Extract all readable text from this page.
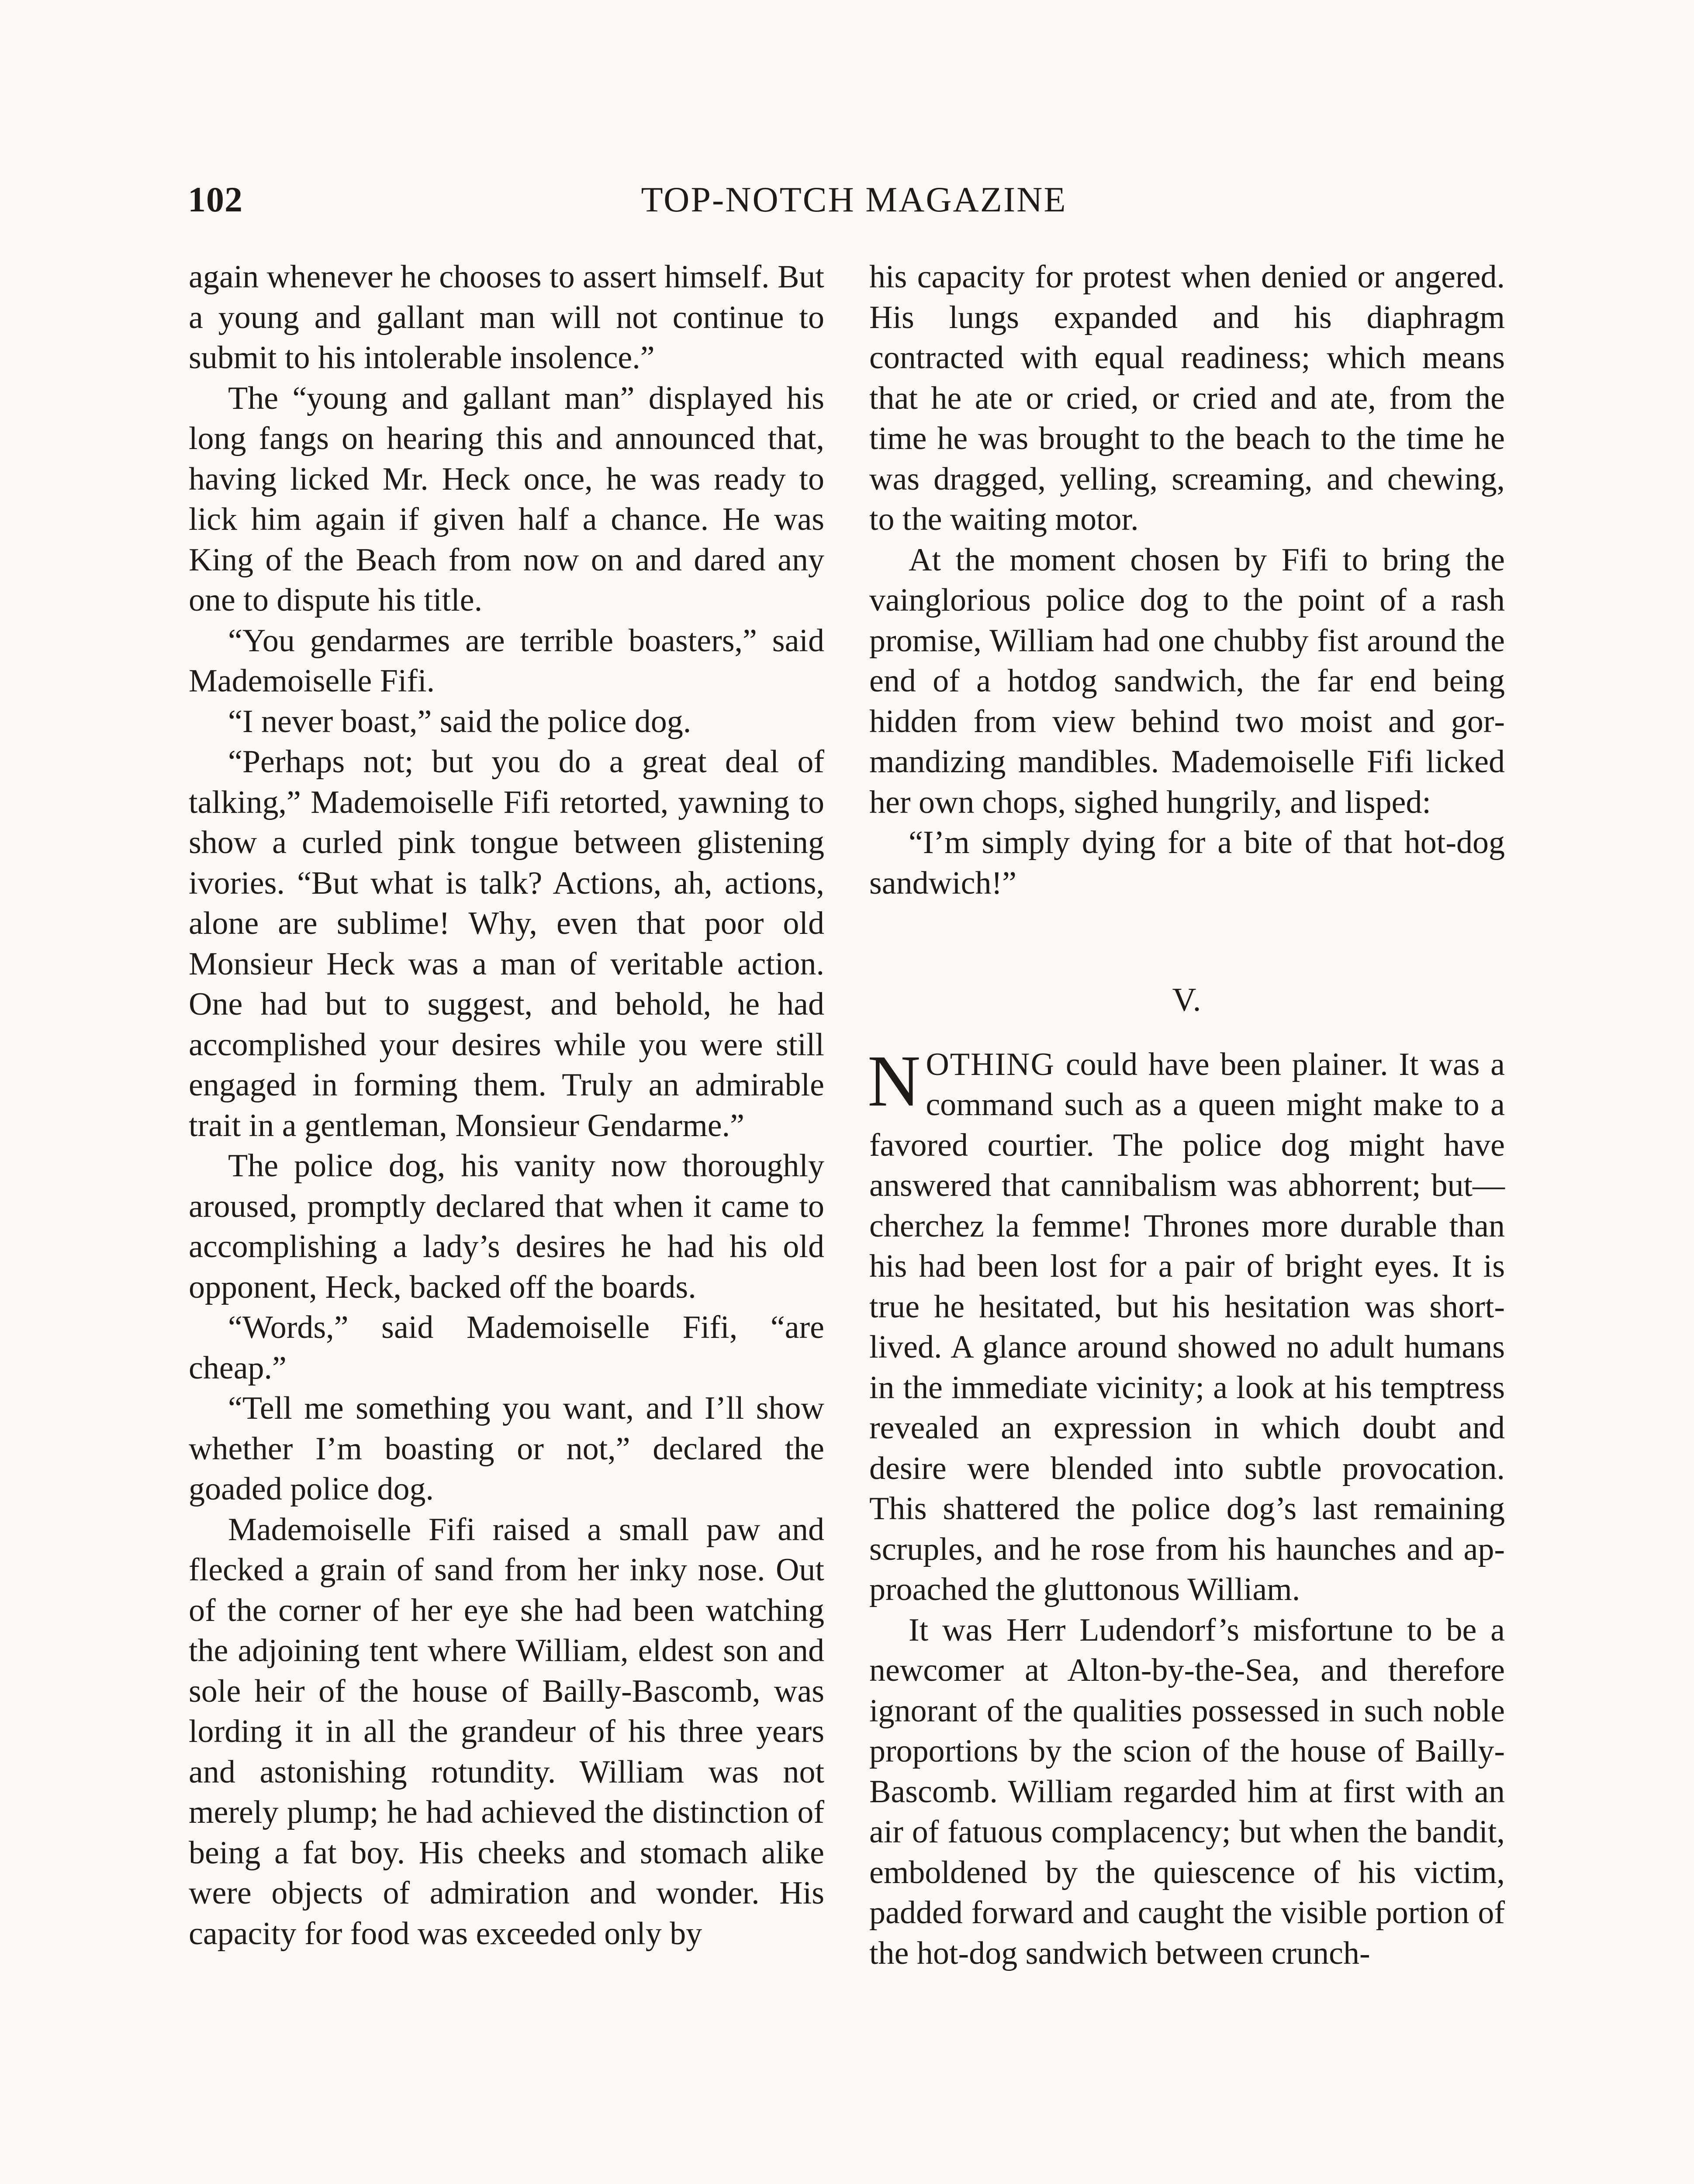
102	TOP-NOTCH MAGAZINE

again whenever he chooses to assert himself. But a young and gallant man will not continue to submit to his intolerable insolence.”

The “young and gallant man” displayed his long fangs on hearing this and announced that, having licked Mr. Heck once, he was ready to lick him again if given half a chance. He was King of the Beach from now on and dared any one to dispute his title.

“You gendarmes are terrible boasters,” said Mademoiselle Fifi.

“I never boast,” said the police dog.

“Perhaps not; but you do a great deal of talking,” Mademoiselle Fifi retorted, yawning to show a curled pink tongue between glistening ivories. “But what is talk? Actions, ah, actions, alone are sublime! Why, even that poor old Monsieur Heck was a man of veritable action. One had but to suggest, and behold, he had accomplished your desires while you were still engaged in forming them. Truly an admirable trait in a gentleman, Monsieur Gendarme.”

The police dog, his vanity now thoroughly aroused, promptly declared that when it came to accomplishing a lady’s desires he had his old opponent, Heck, backed off the boards.

“Words,” said Mademoiselle Fifi, “are cheap.”

“Tell me something you want, and I’ll show whether I’m boasting or not,” declared the goaded police dog.

Mademoiselle Fifi raised a small paw and flecked a grain of sand from her inky nose. Out of the corner of her eye she had been watching the adjoining tent where William, eldest son and sole heir of the house of Bailly-Bascomb, was lording it in all the grandeur of his three years and astonishing rotundity. William was not merely plump; he had achieved the distinction of being a fat boy. His cheeks and stomach alike were objects of admiration and wonder. His capacity for food was exceeded only by

his capacity for protest when denied or angered. His lungs expanded and his diaphragm contracted with equal readiness; which means that he ate or cried, or cried and ate, from the time he was brought to the beach to the time he was dragged, yelling, screaming, and chewing, to the waiting motor.

At the moment chosen by Fifi to bring the vainglorious police dog to the point of a rash promise, William had one chubby fist around the end of a hotdog sandwich, the far end being hidden from view behind two moist and gormandizing mandibles. Mademoiselle Fifi licked her own chops, sighed hungrily, and lisped:

“I’m simply dying for a bite of that hot-dog sandwich!”

V.

NOTHING could have been plainer. It was a command such as a queen might make to a favored courtier. The police dog might have answered that cannibalism was abhorrent; but—cherchez la femme! Thrones more durable than his had been lost for a pair of bright eyes. It is true he hesitated, but his hesitation was short-lived. A glance around showed no adult humans in the immediate vicinity; a look at his temptress revealed an expression in which doubt and desire were blended into subtle provocation. This shattered the police dog’s last remaining scruples, and he rose from his haunches and approached the gluttonous William.

It was Herr Ludendorf’s misfortune to be a newcomer at Alton-by-the-Sea, and therefore ignorant of the qualities possessed in such noble proportions by the scion of the house of Bailly-Bascomb. William regarded him at first with an air of fatuous complacency; but when the bandit, emboldened by the quiescence of his victim, padded forward and caught the visible portion of the hot-dog sandwich between crunch-
